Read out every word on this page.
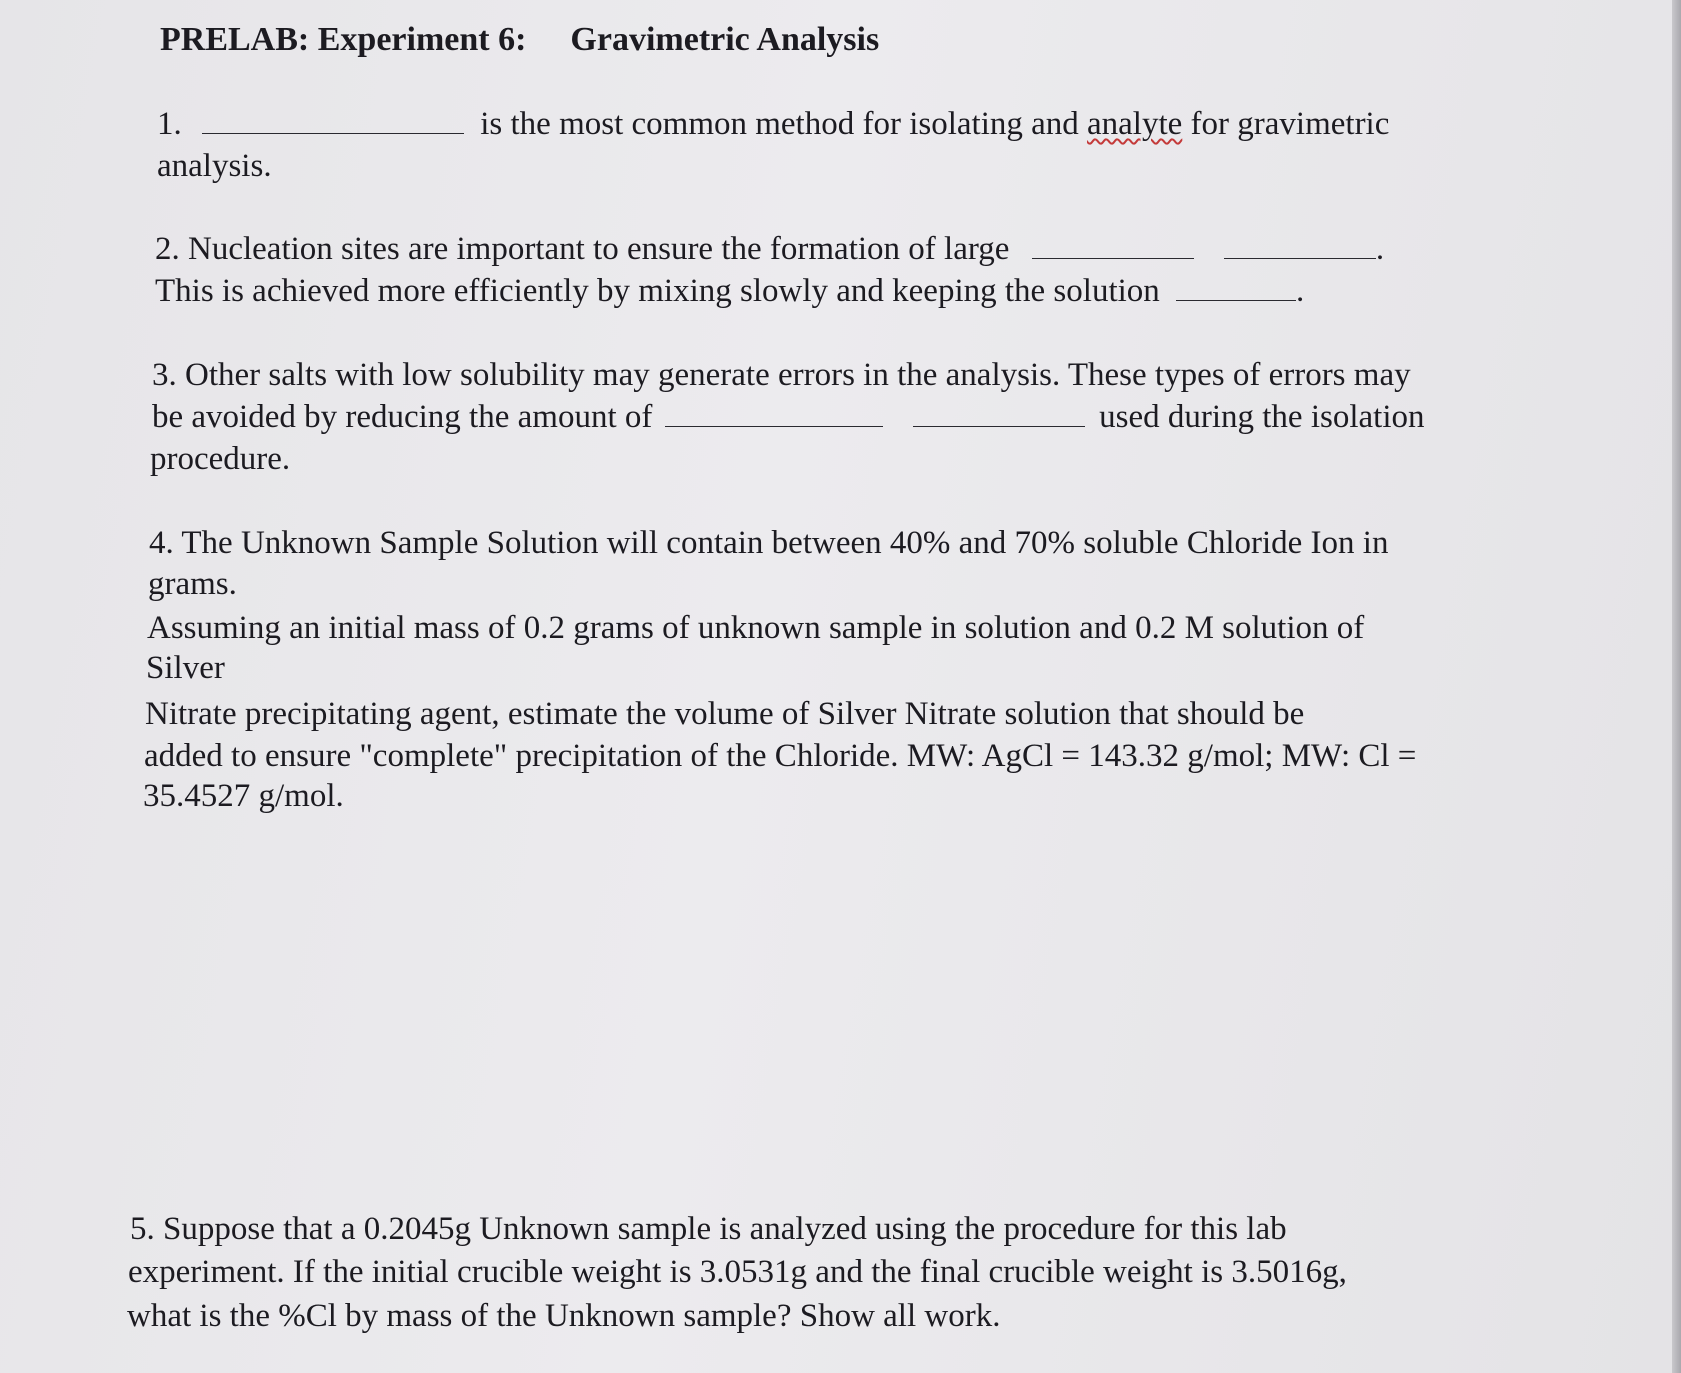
PRELAB: Experiment 6: Gravimetric Analysis
1.	is the most common method for isolating and analyte for gravimetric
analysis.
2. Nucleation sites are important to ensure the formation of large	.
This is achieved more efficiently by mixing slowly and keeping the solution	.
3. Other salts with low solubility may generate errors in the analysis. These types of errors may
be avoided by reducing the amount of	used during the isolation
procedure.
4. The Unknown Sample Solution will contain between 40% and 70% soluble Chloride Ion in
grams.
Assuming an initial mass of 0.2 grams of unknown sample in solution and 0.2 M solution of
Silver
Nitrate precipitating agent, estimate the volume of Silver Nitrate solution that should be
added to ensure "complete" precipitation of the Chloride. MW: AgCl = 143.32 g/mol; MW: Cl =
35.4527 g/mol.
5. Suppose that a 0.2045g Unknown sample is analyzed using the procedure for this lab
experiment. If the initial crucible weight is 3.0531g and the final crucible weight is 3.5016g,
what is the %Cl by mass of the Unknown sample? Show all work.
